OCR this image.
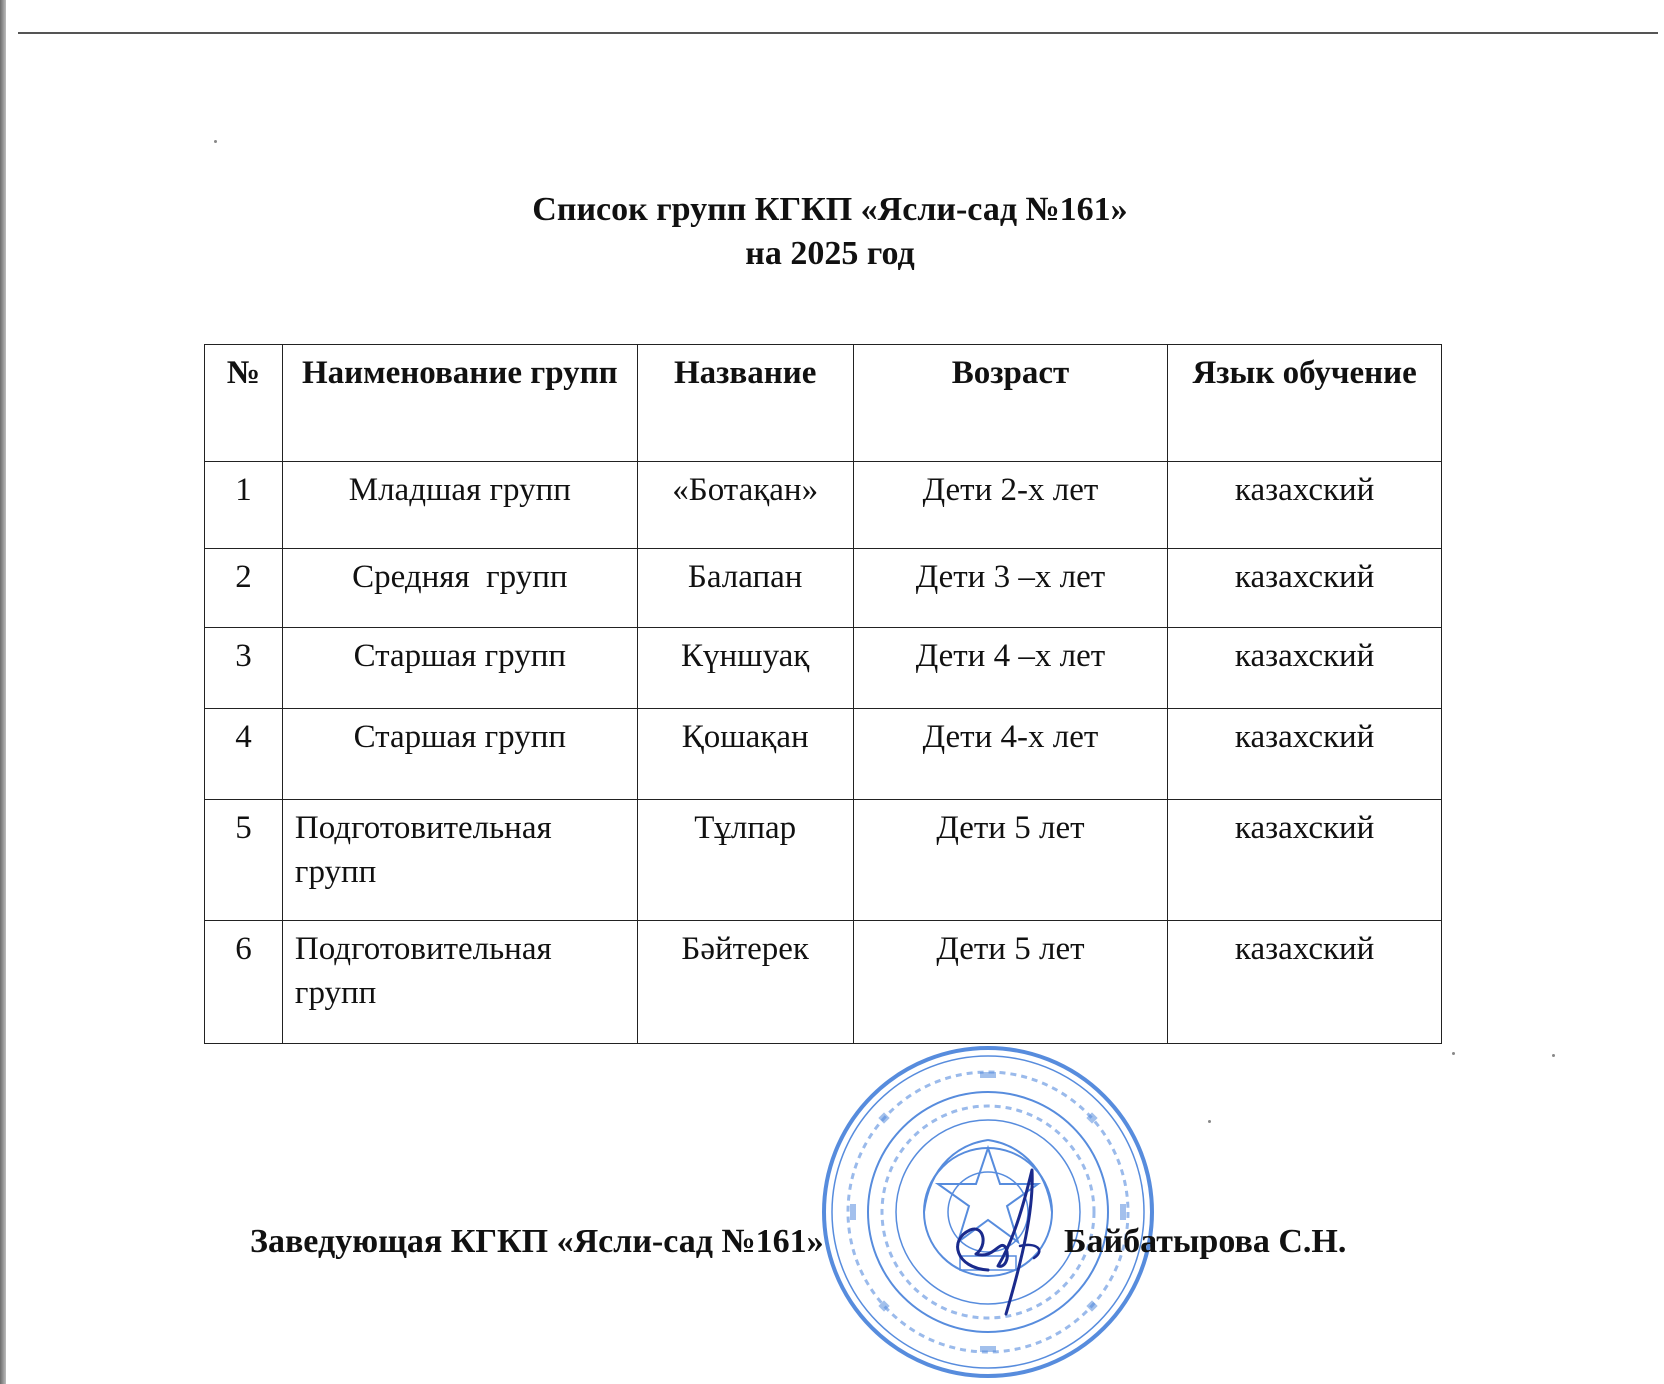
Список групп КГКП «Ясли-сад №161»
на 2025 год
№	Наименование групп	Название	Возраст	Язык обучение
1	Младшая групп	«Ботақан»	Дети 2-х лет	казахский
2	Средняя  групп	Балапан	Дети 3 –х лет	казахский
3	Старшая групп	Күншуақ	Дети 4 –х лет	казахский
4	Старшая групп	Қошақан	Дети 4-х лет	казахский
5	Подготовительная групп	Тұлпар	Дети 5 лет	казахский
6	Подготовительная групп	Бәйтерек	Дети 5 лет	казахский
Заведующая КГКП «Ясли-сад №161»	Байбатырова С.Н.
